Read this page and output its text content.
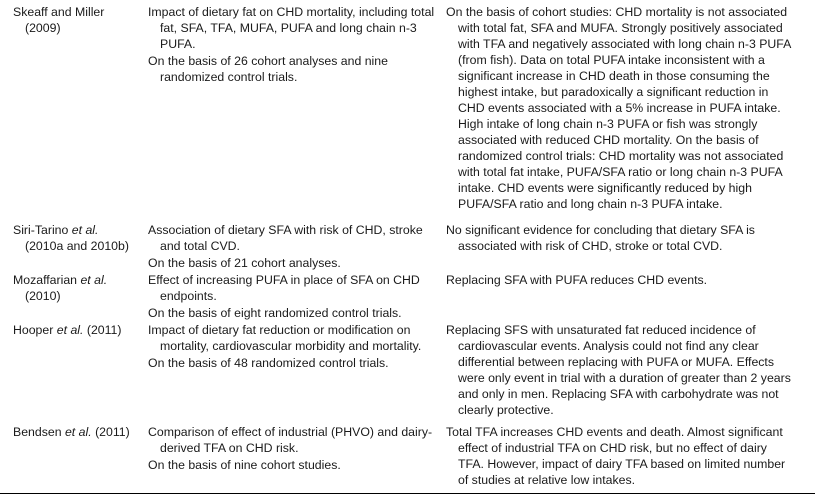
Skeaff and Miller

(2009)
Impact of dietary fat on CHD mortality, including total fat, SFA, TFA, MUFA, PUFA and long chain n-3 PUFA.
On the basis of 26 cohort analyses and nine randomized control trials.
On the basis of cohort studies: CHD mortality is not associated with total fat, SFA and MUFA. Strongly positively associated with TFA and negatively associated with long chain n-3 PUFA (from fish). Data on total PUFA intake inconsistent with a significant increase in CHD death in those consuming the highest intake, but paradoxically a significant reduction in CHD events associated with a 5% increase in PUFA intake. High intake of long chain n-3 PUFA or fish was strongly associated with reduced CHD mortality. On the basis of randomized control trials: CHD mortality was not associated with total fat intake, PUFA/SFA ratio or long chain n-3 PUFA intake. CHD events were significantly reduced by high PUFA/SFA ratio and long chain n-3 PUFA intake.
Siri-Tarino et al.

(2010a and 2010b)
Association of dietary SFA with risk of CHD, stroke and total CVD.
On the basis of 21 cohort analyses.
No significant evidence for concluding that dietary SFA is associated with risk of CHD, stroke or total CVD.
Mozaffarian et al.

(2010)
Effect of increasing PUFA in place of SFA on CHD endpoints.
On the basis of eight randomized control trials.
Replacing SFA with PUFA reduces CHD events.
Hooper et al. (2011)	Impact of dietary fat reduction or modification on mortality, cardiovascular morbidity and mortality.
On the basis of 48 randomized control trials.
Replacing SFS with unsaturated fat reduced incidence of cardiovascular events. Analysis could not find any clear differential between replacing with PUFA or MUFA. Effects were only event in trial with a duration of greater than 2 years and only in men. Replacing SFA with carbohydrate was not clearly protective.
Bendsen et al. (2011)	Comparison of effect of industrial (PHVO) and dairy-derived TFA on CHD risk.
On the basis of nine cohort studies.
Total TFA increases CHD events and death. Almost significant effect of industrial TFA on CHD risk, but no effect of dairy TFA. However, impact of dairy TFA based on limited number of studies at relative low intakes.
